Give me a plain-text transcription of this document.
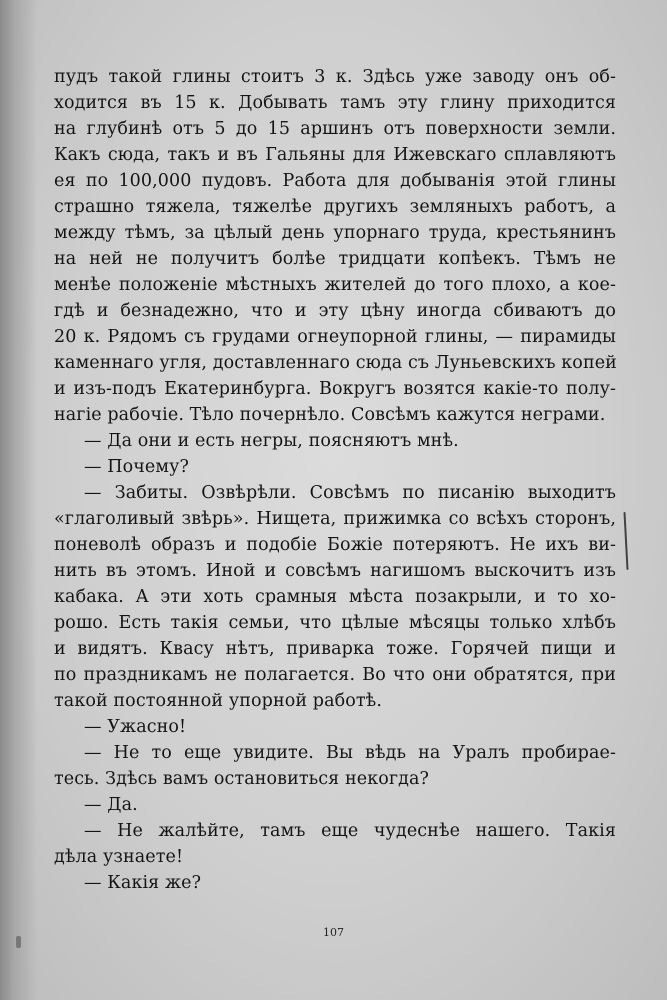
пудъ такой глины стоитъ 3 к. Здѣсь уже заводу онъ об-
ходится въ 15 к. Добывать тамъ эту глину приходится
на глубинѣ отъ 5 до 15 аршинъ отъ поверхности земли.
Какъ сюда, такъ и въ Гальяны для Ижевскаго сплавляютъ
ея по 100,000 пудовъ. Работа для добыванія этой глины
страшно тяжела, тяжелѣе другихъ земляныхъ работъ, а
между тѣмъ, за цѣлый день упорнаго труда, крестьянинъ
на ней не получитъ болѣе тридцати копѣекъ. Тѣмъ не
менѣе положеніе мѣстныхъ жителей до того плохо, а кое-
гдѣ и безнадежно, что и эту цѣну иногда сбиваютъ до
20 к. Рядомъ съ грудами огнеупорной глины, — пирамиды
каменнаго угля, доставленнаго сюда съ Луньевскихъ копей
и изъ-подъ Екатеринбурга. Вокругъ возятся какіе-то полу-
нагіе рабочіе. Тѣло почернѣло. Совсѣмъ кажутся неграми.
— Да они и есть негры, поясняютъ мнѣ.
— Почему?
— Забиты. Озвѣрѣли. Совсѣмъ по писанію выходитъ
«глаголивый звѣрь». Нищета, прижимка со всѣхъ сторонъ,
поневолѣ образъ и подобіе Божіе потеряютъ. Не ихъ ви-
нить въ этомъ. Иной и совсѣмъ нагишомъ выскочитъ изъ
кабака. А эти хоть срамныя мѣста позакрыли, и то хо-
рошо. Есть такія семьи, что цѣлые мѣсяцы только хлѣбъ
и видятъ. Квасу нѣтъ, приварка тоже. Горячей пищи и
по праздникамъ не полагается. Во что они обратятся, при
такой постоянной упорной работѣ.
— Ужасно!
— Не то еще увидите. Вы вѣдь на Уралъ пробирае-
тесь. Здѣсь вамъ остановиться некогда?
— Да.
— Не жалѣйте, тамъ еще чудеснѣе нашего. Такія
дѣла узнаете!
— Какія же?
107
